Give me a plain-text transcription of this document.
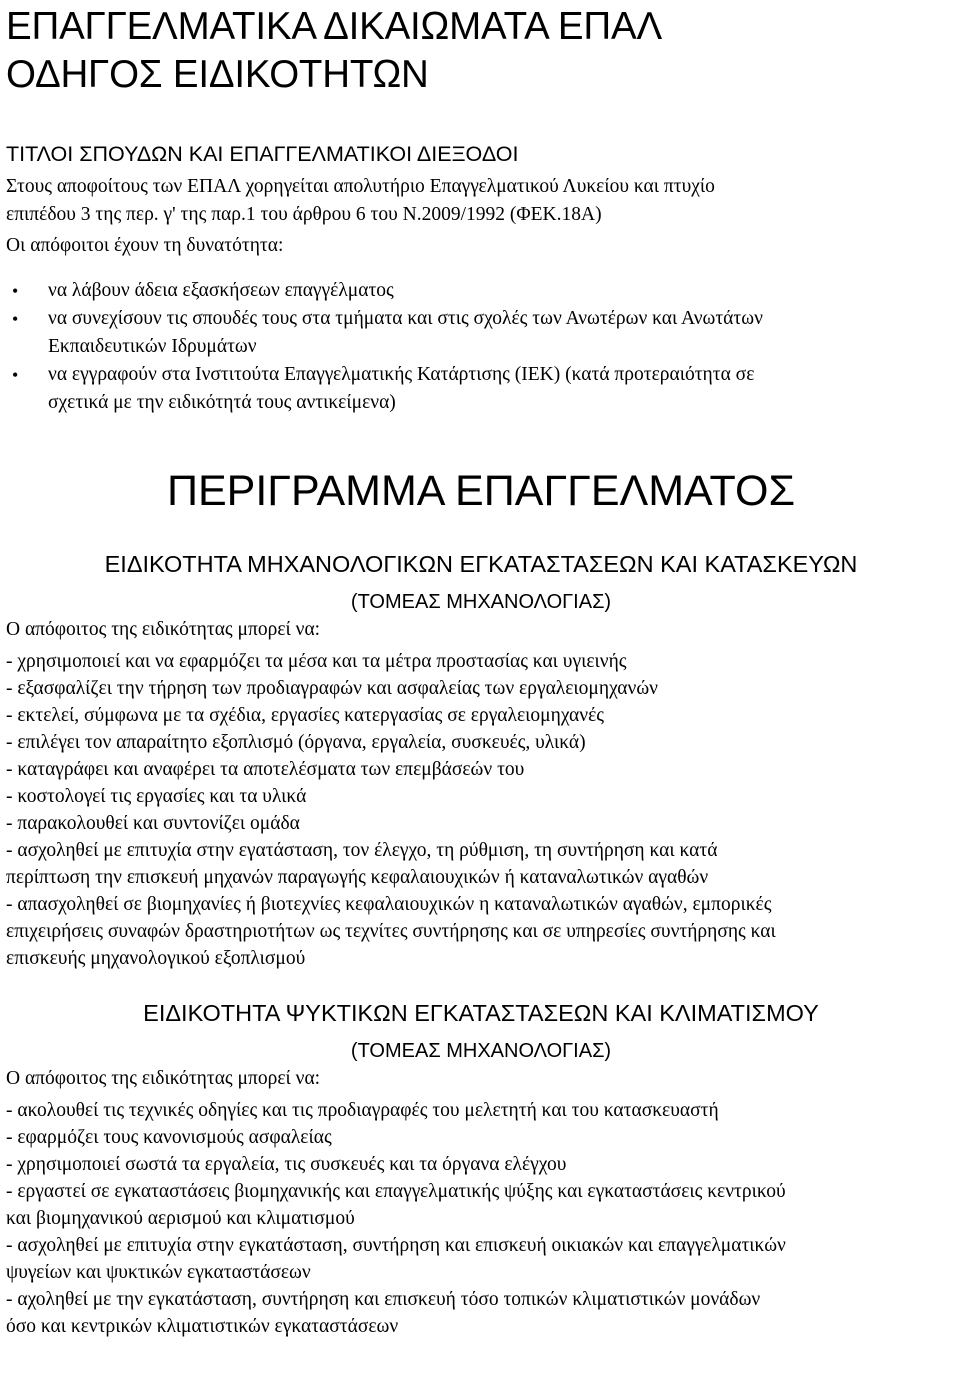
ΕΠΑΓΓΕΛΜΑΤΙΚΑ ΔΙΚΑΙΩΜΑΤΑ ΕΠΑΛ
ΟΔΗΓΟΣ ΕΙΔΙΚΟΤΗΤΩΝ
ΤΙΤΛΟΙ ΣΠΟΥΔΩΝ ΚΑΙ ΕΠΑΓΓΕΛΜΑΤΙΚΟΙ ΔΙΕΞΟΔΟΙ

Στους αποφοίτους των ΕΠΑΛ χορηγείται απολυτήριο Επαγγελματικού Λυκείου και πτυχίο
επιπέδου 3 της περ. γ' της παρ.1 του άρθρου 6 του Ν.2009/1992 (ΦΕΚ.18Α)

Οι απόφοιτοι έχουν τη δυνατότητα:

• να λάβουν άδεια εξασκήσεων επαγγέλματος
• να συνεχίσουν τις σπουδές τους στα τμήματα και στις σχολές των Ανωτέρων και Ανωτάτων
Εκπαιδευτικών Ιδρυμάτων
• να εγγραφούν στα Ινστιτούτα Επαγγελματικής Κατάρτισης (ΙΕΚ) (κατά προτεραιότητα σε
σχετικά με την ειδικότητά τους αντικείμενα)
ΠΕΡΙΓΡΑΜΜΑ ΕΠΑΓΓΕΛΜΑΤΟΣ
ΕΙΔΙΚΟΤΗΤΑ ΜΗΧΑΝΟΛΟΓΙΚΩΝ ΕΓΚΑΤΑΣΤΑΣΕΩΝ ΚΑΙ ΚΑΤΑΣΚΕΥΩΝ
(ΤΟΜΕΑΣ ΜΗΧΑΝΟΛΟΓΙΑΣ)

Ο απόφοιτος της ειδικότητας μπορεί να:

- χρησιμοποιεί και να εφαρμόζει τα μέσα και τα μέτρα προστασίας και υγιεινής

- εξασφαλίζει την τήρηση των προδιαγραφών και ασφαλείας των εργαλειομηχανών

- εκτελεί, σύμφωνα με τα σχέδια, εργασίες κατεργασίας σε εργαλειομηχανές

- επιλέγει τον απαραίτητο εξοπλισμό (όργανα, εργαλεία, συσκευές, υλικά)

- καταγράφει και αναφέρει τα αποτελέσματα των επεμβάσεών του

- κοστολογεί τις εργασίες και τα υλικά

- παρακολουθεί και συντονίζει ομάδα

- ασχοληθεί με επιτυχία στην εγατάσταση, τον έλεγχο, τη ρύθμιση, τη συντήρηση και κατά

περίπτωση την επισκευή μηχανών παραγωγής κεφαλαιουχικών ή καταναλωτικών αγαθών

- απασχοληθεί σε βιομηχανίες ή βιοτεχνίες κεφαλαιουχικών η καταναλωτικών αγαθών, εμπορικές

επιχειρήσεις συναφών δραστηριοτήτων ως τεχνίτες συντήρησης και σε υπηρεσίες συντήρησης και

επισκευής μηχανολογικού εξοπλισμού

ΕΙΔΙΚΟΤΗΤΑ ΨΥΚΤΙΚΩΝ ΕΓΚΑΤΑΣΤΑΣΕΩΝ ΚΑΙ ΚΛΙΜΑΤΙΣΜΟΥ
(ΤΟΜΕΑΣ ΜΗΧΑΝΟΛΟΓΙΑΣ)

Ο απόφοιτος της ειδικότητας μπορεί να:

- ακολουθεί τις τεχνικές οδηγίες και τις προδιαγραφές του μελετητή και του κατασκευαστή

- εφαρμόζει τους κανονισμούς ασφαλείας

- χρησιμοποιεί σωστά τα εργαλεία, τις συσκευές και τα όργανα ελέγχου

- εργαστεί σε εγκαταστάσεις βιομηχανικής και επαγγελματικής ψύξης και εγκαταστάσεις κεντρικού

και βιομηχανικού αερισμού και κλιματισμού

- ασχοληθεί με επιτυχία στην εγκατάσταση, συντήρηση και επισκευή οικιακών και επαγγελματικών

ψυγείων και ψυκτικών εγκαταστάσεων

- αχοληθεί με την εγκατάσταση, συντήρηση και επισκευή τόσο τοπικών κλιματιστικών μονάδων

όσο και κεντρικών κλιματιστικών εγκαταστάσεων
